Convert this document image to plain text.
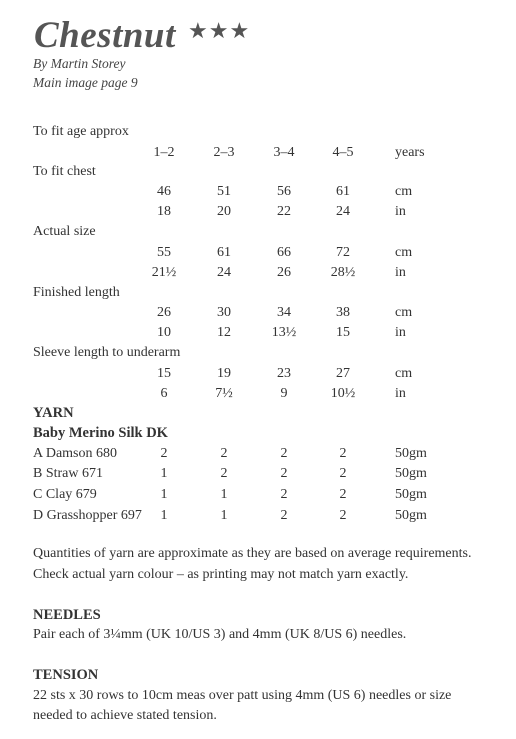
Chestnut ★★★
By Martin Storey
Main image page 9
To fit age approx
1–2	2–3	3–4	4–5	years
To fit chest
46	51	56	61	cm
18	20	22	24	in
Actual size
55	61	66	72	cm
21½	24	26	28½	in
Finished length
26	30	34	38	cm
10	12	13½	15	in
Sleeve length to underarm
15	19	23	27	cm
6	7½	9	10½	in
YARN
Baby Merino Silk DK
A Damson 680	2	2	2	2	50gm
B Straw 671	1	2	2	2	50gm
C Clay 679	1	1	2	2	50gm
D Grasshopper 697	1	1	2	2	50gm
Quantities of yarn are approximate as they are based on average requirements.
Check actual yarn colour – as printing may not match yarn exactly.
NEEDLES
Pair each of 3¼mm (UK 10/US 3) and 4mm (UK 8/US 6) needles.
TENSION
22 sts x 30 rows to 10cm meas over patt using 4mm (US 6) needles or size
needed to achieve stated tension.
